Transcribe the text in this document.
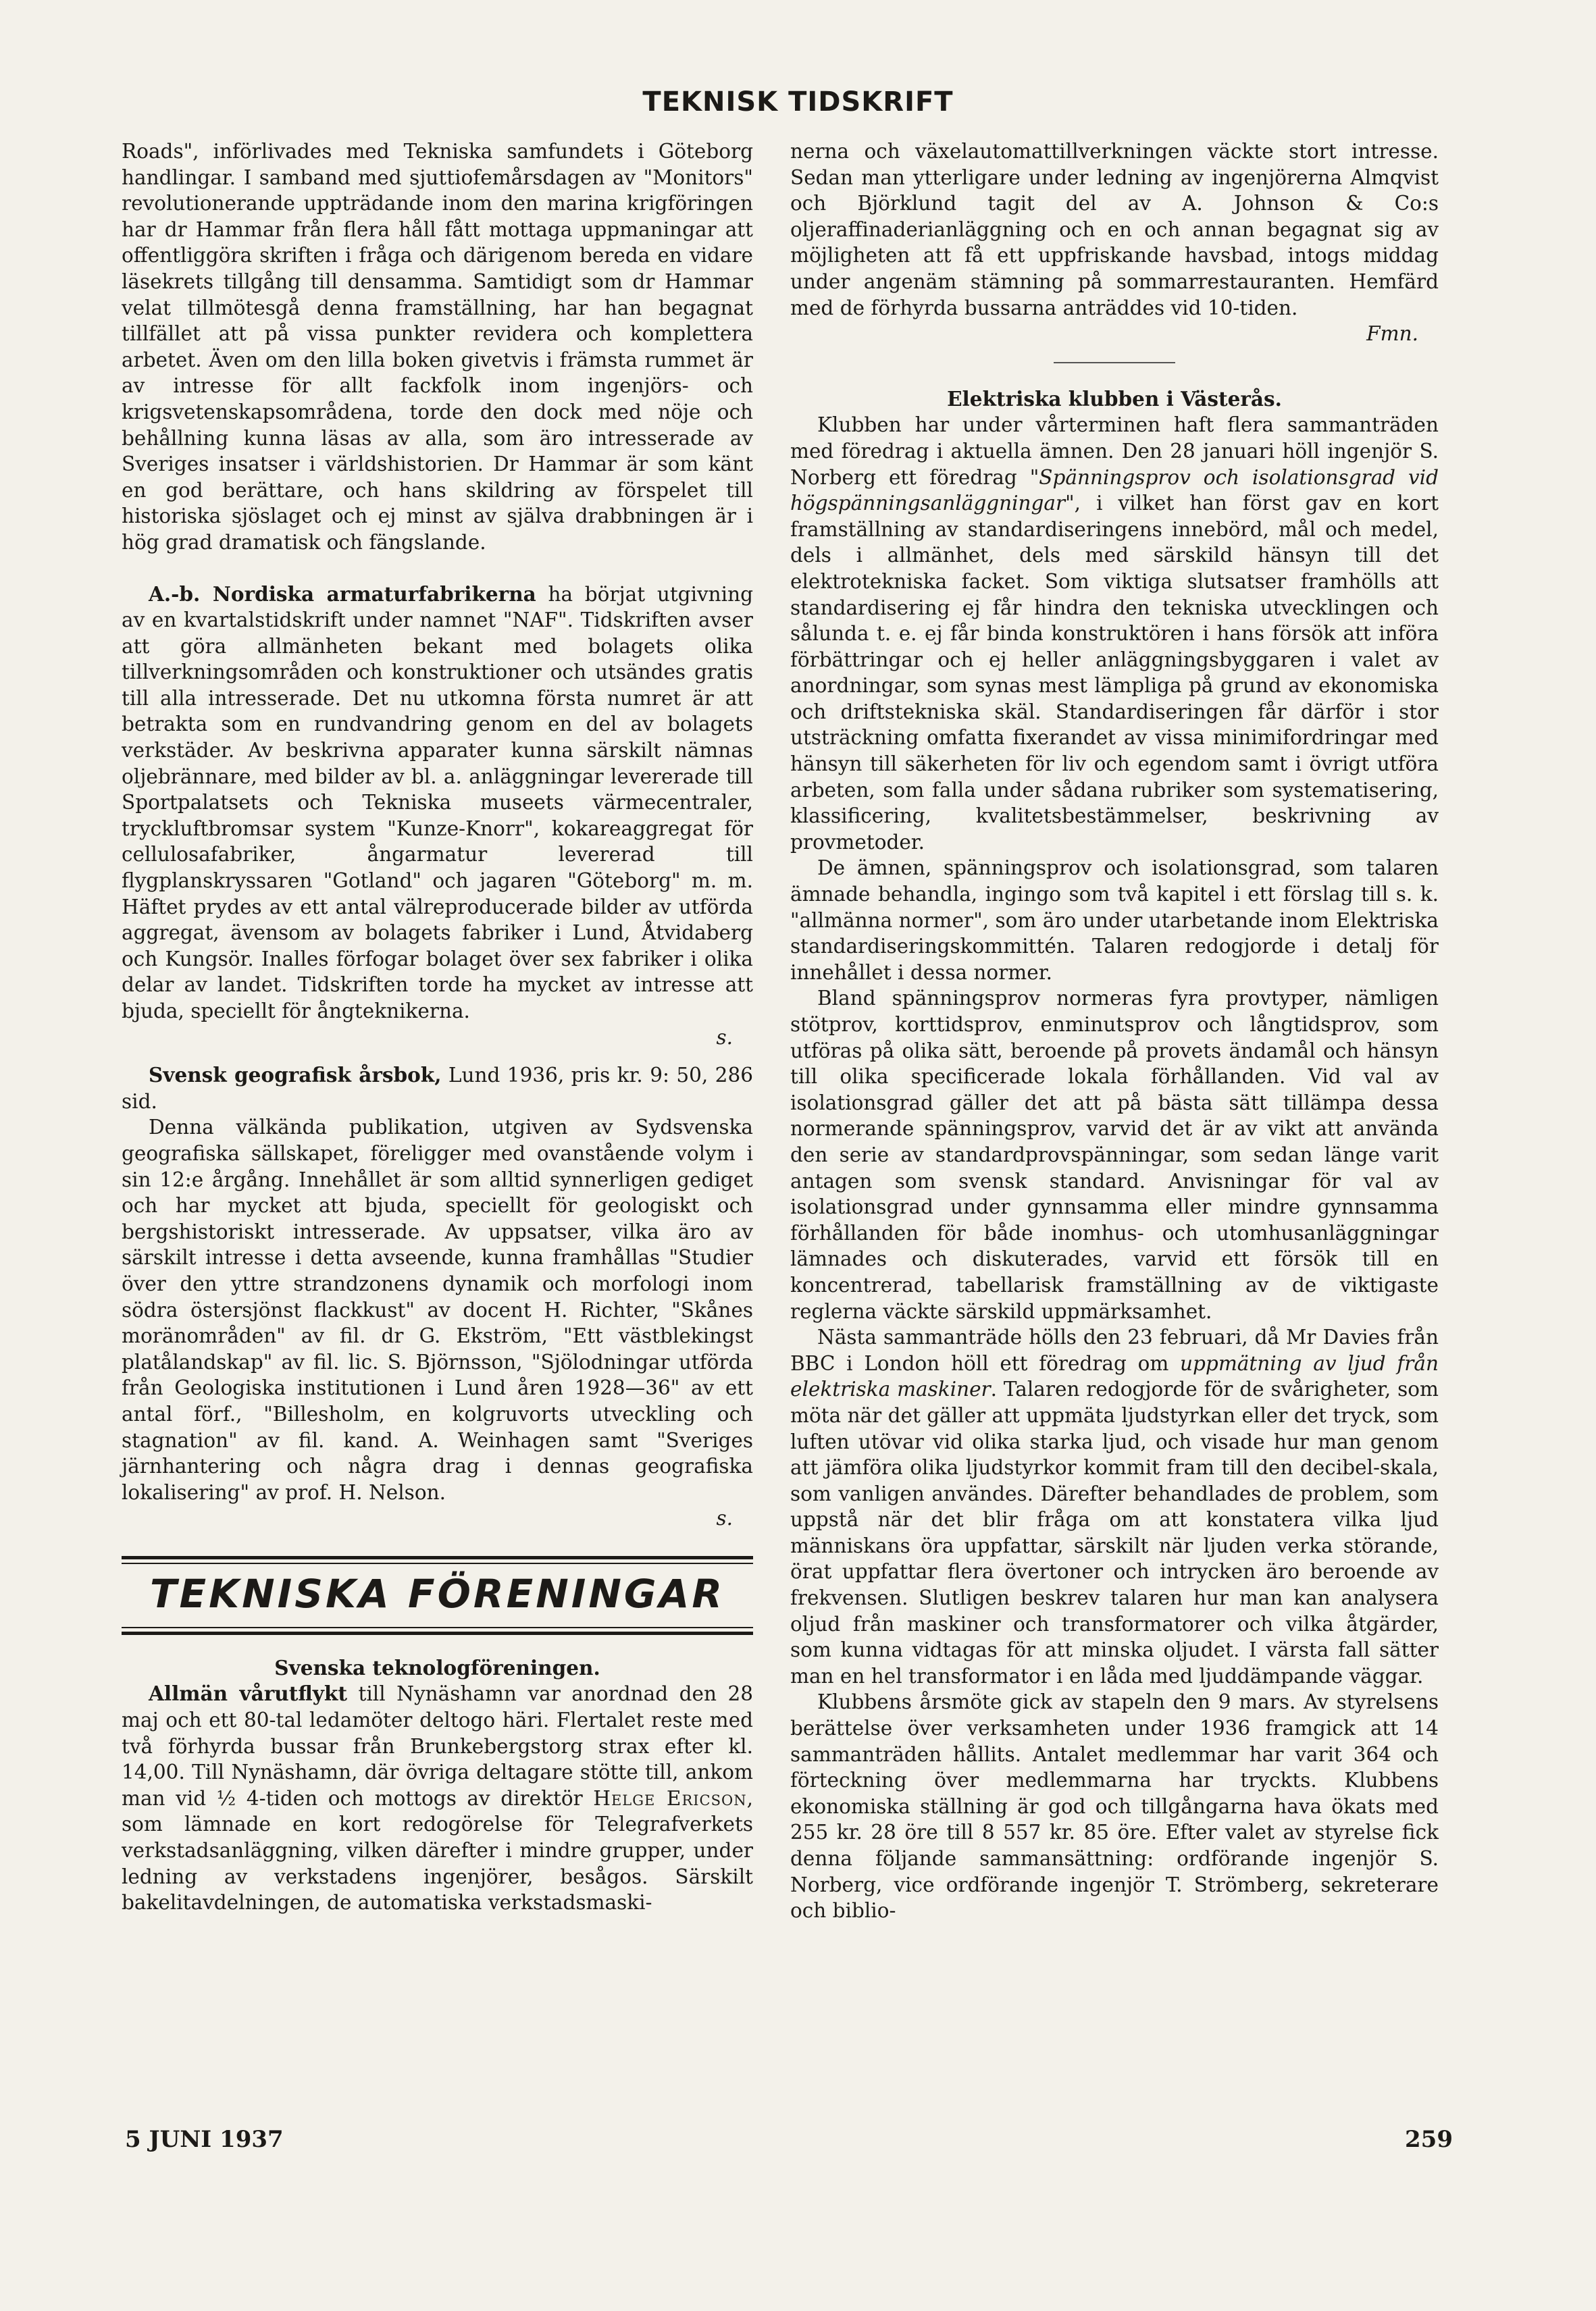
TEKNISK TIDSKRIFT

Roads", införlivades med Tekniska samfundets i Göteborg handlingar. I samband med sjuttiofemårsdagen av "Monitors" revolutionerande uppträdande inom den marina krigföringen har dr Hammar från flera håll fått mottaga uppmaningar att offentliggöra skriften i fråga och därigenom bereda en vidare läsekrets tillgång till densamma. Samtidigt som dr Hammar velat tillmötesgå denna framställning, har han begagnat tillfället att på vissa punkter revidera och komplettera arbetet. Även om den lilla boken givetvis i främsta rummet är av intresse för allt fackfolk inom ingenjörs- och krigsvetenskapsområdena, torde den dock med nöje och behållning kunna läsas av alla, som äro intresserade av Sveriges insatser i världshistorien. Dr Hammar är som känt en god berättare, och hans skildring av förspelet till historiska sjöslaget och ej minst av själva drabbningen är i hög grad dramatisk och fängslande.

A.-b. Nordiska armaturfabrikerna ha börjat utgivning av en kvartalstidskrift under namnet "NAF". Tidskriften avser att göra allmänheten bekant med bolagets olika tillverkningsområden och konstruktioner och utsändes gratis till alla intresserade. Det nu utkomna första numret är att betrakta som en rundvandring genom en del av bolagets verkstäder. Av beskrivna apparater kunna särskilt nämnas oljebrännare, med bilder av bl. a. anläggningar levererade till Sportpalatsets och Tekniska museets värmecentraler, tryckluftbromsar system "Kunze-Knorr", kokareaggregat för cellulosafabriker, ångarmatur levererad till flygplanskryssaren "Gotland" och jagaren "Göteborg" m. m. Häftet prydes av ett antal välreproducerade bilder av utförda aggregat, ävensom av bolagets fabriker i Lund, Åtvidaberg och Kungsör. Inalles förfogar bolaget över sex fabriker i olika delar av landet. Tidskriften torde ha mycket av intresse att bjuda, speciellt för ångteknikerna.

s.

Svensk geografisk årsbok, Lund 1936, pris kr. 9: 50, 286 sid.

Denna välkända publikation, utgiven av Sydsvenska geografiska sällskapet, föreligger med ovanstående volym i sin 12:e årgång. Innehållet är som alltid synnerligen gediget och har mycket att bjuda, speciellt för geologiskt och bergshistoriskt intresserade. Av uppsatser, vilka äro av särskilt intresse i detta avseende, kunna framhållas "Studier över den yttre strandzonens dynamik och morfologi inom södra östersjönst flackkust" av docent H. Richter, "Skånes moränområden" av fil. dr G. Ekström, "Ett västblekingst platålandskap" av fil. lic. S. Björnsson, "Sjölodningar utförda från Geologiska institutionen i Lund åren 1928—36" av ett antal förf., "Billesholm, en kolgruvorts utveckling och stagnation" av fil. kand. A. Weinhagen samt "Sveriges järnhantering och några drag i dennas geografiska lokalisering" av prof. H. Nelson.

s.
TEKNISKA FÖRENINGAR

Svenska teknologföreningen.

Allmän vårutflykt till Nynäshamn var anordnad den 28 maj och ett 80-tal ledamöter deltogo häri. Flertalet reste med två förhyrda bussar från Brunkebergstorg strax efter kl. 14,00. Till Nynäshamn, där övriga deltagare stötte till, ankom man vid ½ 4-tiden och mottogs av direktör Helge Ericson, som lämnade en kort redogörelse för Telegrafverkets verkstadsanläggning, vilken därefter i mindre grupper, under ledning av verkstadens ingenjörer, besågos. Särskilt bakelitavdelningen, de automatiska verkstadsmaski-

nerna och växelautomattillverkningen väckte stort intresse. Sedan man ytterligare under ledning av ingenjörerna Almqvist och Björklund tagit del av A. Johnson & Co:s oljeraffinaderianläggning och en och annan begagnat sig av möjligheten att få ett uppfriskande havsbad, intogs middag under angenäm stämning på sommarrestauranten. Hemfärd med de förhyrda bussarna anträddes vid 10-tiden.

Fmn.

Elektriska klubben i Västerås.

Klubben har under vårterminen haft flera sammanträden med föredrag i aktuella ämnen. Den 28 januari höll ingenjör S. Norberg ett föredrag "Spänningsprov och isolationsgrad vid högspänningsanläggningar", i vilket han först gav en kort framställning av standardiseringens innebörd, mål och medel, dels i allmänhet, dels med särskild hänsyn till det elektrotekniska facket. Som viktiga slutsatser framhölls att standardisering ej får hindra den tekniska utvecklingen och sålunda t. e. ej får binda konstruktören i hans försök att införa förbättringar och ej heller anläggningsbyggaren i valet av anordningar, som synas mest lämpliga på grund av ekonomiska och driftstekniska skäl. Standardiseringen får därför i stor utsträckning omfatta fixerandet av vissa minimifordringar med hänsyn till säkerheten för liv och egendom samt i övrigt utföra arbeten, som falla under sådana rubriker som systematisering, klassificering, kvalitetsbestämmelser, beskrivning av provmetoder.

De ämnen, spänningsprov och isolationsgrad, som talaren ämnade behandla, ingingo som två kapitel i ett förslag till s. k. "allmänna normer", som äro under utarbetande inom Elektriska standardiseringskommittén. Talaren redogjorde i detalj för innehållet i dessa normer.

Bland spänningsprov normeras fyra provtyper, nämligen stötprov, korttidsprov, enminutsprov och långtidsprov, som utföras på olika sätt, beroende på provets ändamål och hänsyn till olika specificerade lokala förhållanden. Vid val av isolationsgrad gäller det att på bästa sätt tillämpa dessa normerande spänningsprov, varvid det är av vikt att använda den serie av standardprovspänningar, som sedan länge varit antagen som svensk standard. Anvisningar för val av isolationsgrad under gynnsamma eller mindre gynnsamma förhållanden för både inomhus- och utomhusanläggningar lämnades och diskuterades, varvid ett försök till en koncentrerad, tabellarisk framställning av de viktigaste reglerna väckte särskild uppmärksamhet.

Nästa sammanträde hölls den 23 februari, då Mr Davies från BBC i London höll ett föredrag om uppmätning av ljud från elektriska maskiner. Talaren redogjorde för de svårigheter, som möta när det gäller att uppmäta ljudstyrkan eller det tryck, som luften utövar vid olika starka ljud, och visade hur man genom att jämföra olika ljudstyrkor kommit fram till den decibel-skala, som vanligen användes. Därefter behandlades de problem, som uppstå när det blir fråga om att konstatera vilka ljud människans öra uppfattar, särskilt när ljuden verka störande, örat uppfattar flera övertoner och intrycken äro beroende av frekvensen. Slutligen beskrev talaren hur man kan analysera oljud från maskiner och transformatorer och vilka åtgärder, som kunna vidtagas för att minska oljudet. I värsta fall sätter man en hel transformator i en låda med ljuddämpande väggar.

Klubbens årsmöte gick av stapeln den 9 mars. Av styrelsens berättelse över verksamheten under 1936 framgick att 14 sammanträden hållits. Antalet medlemmar har varit 364 och förteckning över medlemmarna har tryckts. Klubbens ekonomiska ställning är god och tillgångarna hava ökats med 255 kr. 28 öre till 8 557 kr. 85 öre. Efter valet av styrelse fick denna följande sammansättning: ordförande ingenjör S. Norberg, vice ordförande ingenjör T. Strömberg, sekreterare och biblio-

5 JUNI 1937	259
